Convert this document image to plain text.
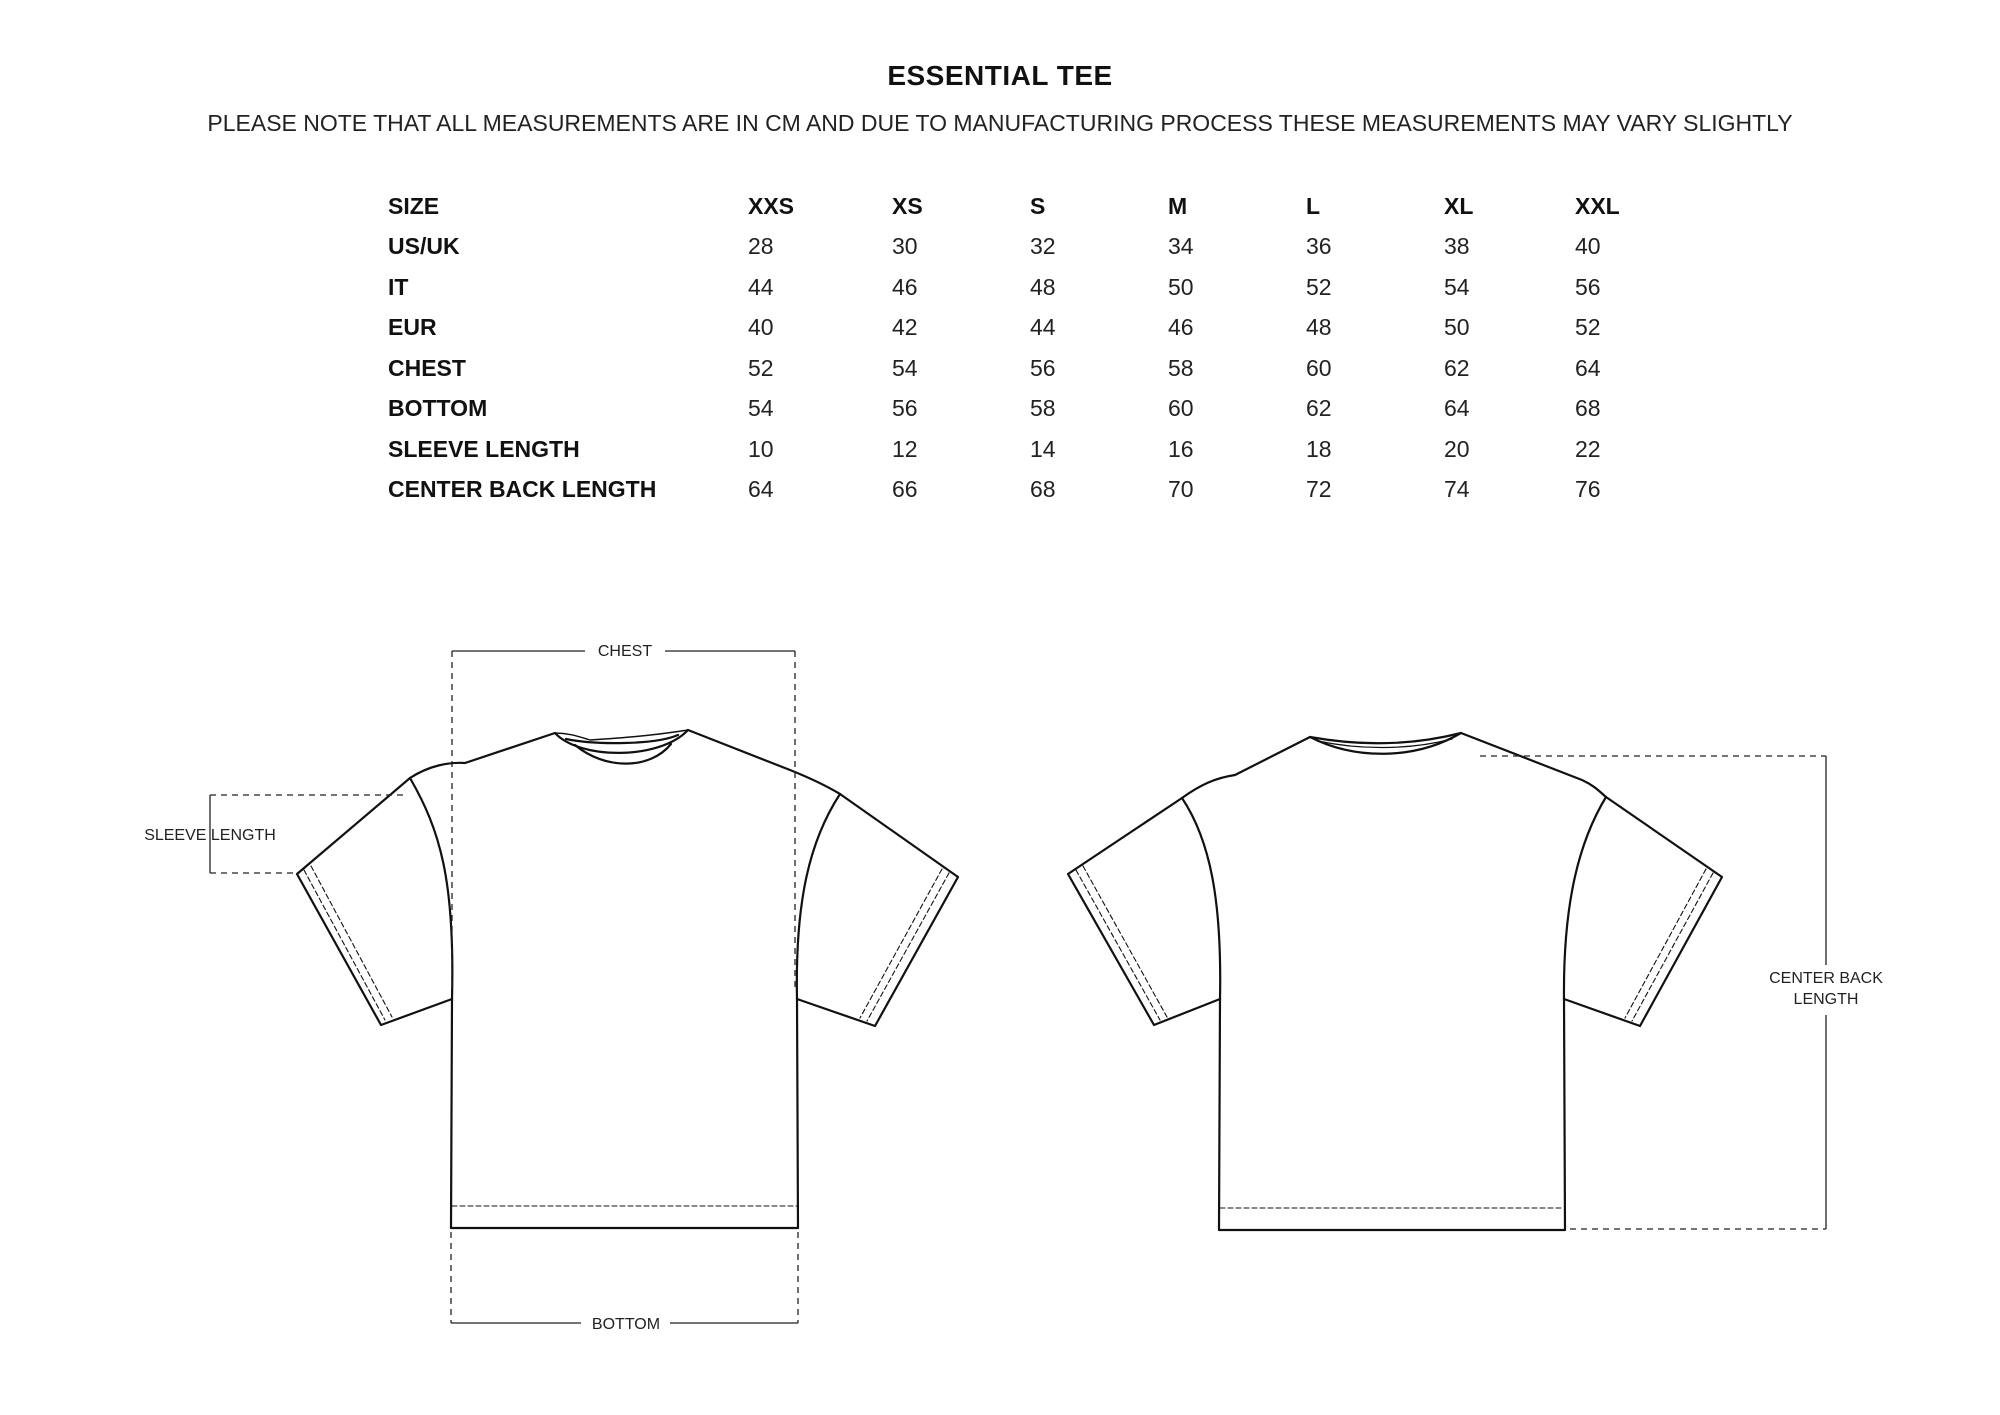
ESSENTIAL TEE
PLEASE NOTE THAT ALL MEASUREMENTS ARE IN CM AND DUE TO MANUFACTURING PROCESS THESE MEASUREMENTS MAY VARY SLIGHTLY
SIZE	XXS	XS	S	M	L	XL	XXL
US/UK	28	30	32	34	36	38	40
IT	44	46	48	50	52	54	56
EUR	40	42	44	46	48	50	52
CHEST	52	54	56	58	60	62	64
BOTTOM	54	56	58	60	62	64	68
SLEEVE LENGTH	10	12	14	16	18	20	22
CENTER BACK LENGTH	64	66	68	70	72	74	76
CHEST
BOTTOM
SLEEVE LENGTH
CENTER BACK
LENGTH
